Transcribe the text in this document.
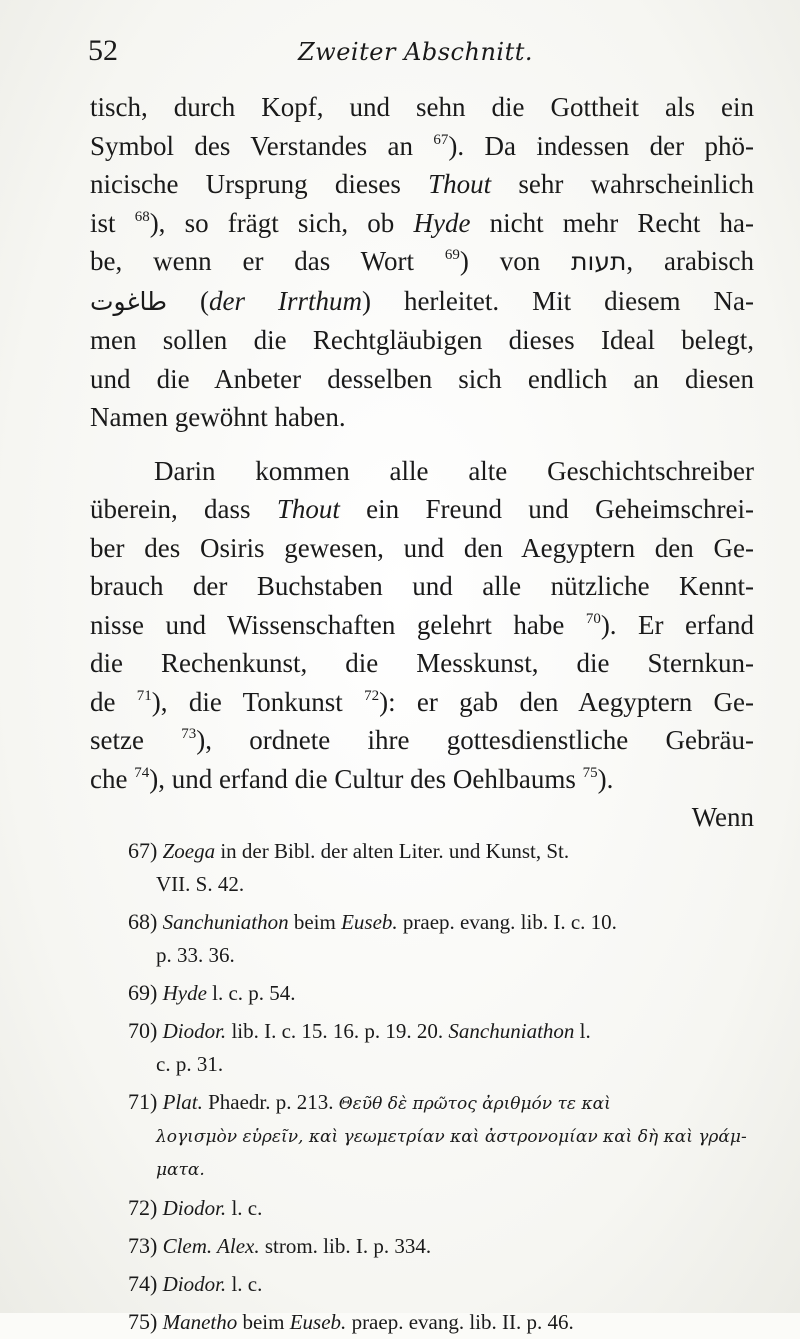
52	Zweiter Abschnitt.
tisch, durch Kopf, und sehn die Gottheit als ein
Symbol des Verstandes an $^{67}$). Da indessen der phö-
nicische Ursprung dieses Thout sehr wahrscheinlich
ist $^{68}$), so frägt sich, ob Hyde nicht mehr Recht ha-
be, wenn er das Wort $^{69}$) von תעות, arabisch
طاغوت (der Irrthum) herleitet. Mit diesem Na-
men sollen die Rechtgläubigen dieses Ideal belegt,
und die Anbeter desselben sich endlich an diesen
Namen gewöhnt haben.
Darin kommen alle alte Geschichtschreiber
überein, dass Thout ein Freund und Geheimschrei-
ber des Osiris gewesen, und den Aegyptern den Ge-
brauch der Buchstaben und alle nützliche Kennt-
nisse und Wissenschaften gelehrt habe $^{70}$). Er erfand
die Rechenkunst, die Messkunst, die Sternkun-
de $^{71}$), die Tonkunst $^{72}$): er gab den Aegyptern Ge-
setze $^{73}$), ordnete ihre gottesdienstliche Gebräu-
che $^{74}$), und erfand die Cultur des Oehlbaums $^{75}$).
Wenn
67) Zoega in der Bibl. der alten Liter. und Kunst, St.
VII. S. 42.
68) Sanchuniathon beim Euseb. praep. evang. lib. I. c. 10.
p. 33. 36.
69) Hyde l. c. p. 54.
70) Diodor. lib. I. c. 15. 16. p. 19. 20. Sanchuniathon l.
c. p. 31.
71) Plat. Phaedr. p. 213. Θεῦθ δὲ πρῶτος ἀριθμόν τε καὶ
λογισμὸν εὑρεῖν, καὶ γεωμετρίαν καὶ ἀστρονομίαν καὶ δὴ καὶ γράμ-
ματα.
72) Diodor. l. c.
73) Clem. Alex. strom. lib. I. p. 334.
74) Diodor. l. c.
75) Manetho beim Euseb. praep. evang. lib. II. p. 46.
